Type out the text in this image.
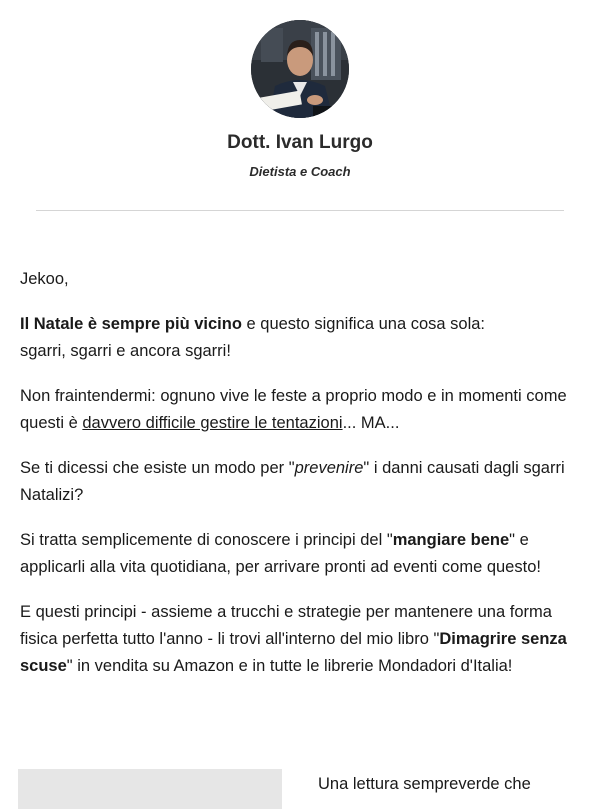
Dott. Ivan Lurgo
Dietista e Coach

Jekoo,

Il Natale è sempre più vicino e questo significa una cosa sola:
sgarri, sgarri e ancora sgarri!

Non fraintendermi: ognuno vive le feste a proprio modo e in momenti come questi è davvero difficile gestire le tentazioni... MA...

Se ti dicessi che esiste un modo per "prevenire" i danni causati dagli sgarri Natalizi?

Si tratta semplicemente di conoscere i principi del "mangiare bene" e applicarli alla vita quotidiana, per arrivare pronti ad eventi come questo!

E questi principi - assieme a trucchi e strategie per mantenere una forma fisica perfetta tutto l'anno - li trovi all'interno del mio libro "Dimagrire senza scuse" in vendita su Amazon e in tutte le librerie Mondadori d'Italia!

Una lettura sempreverde che
